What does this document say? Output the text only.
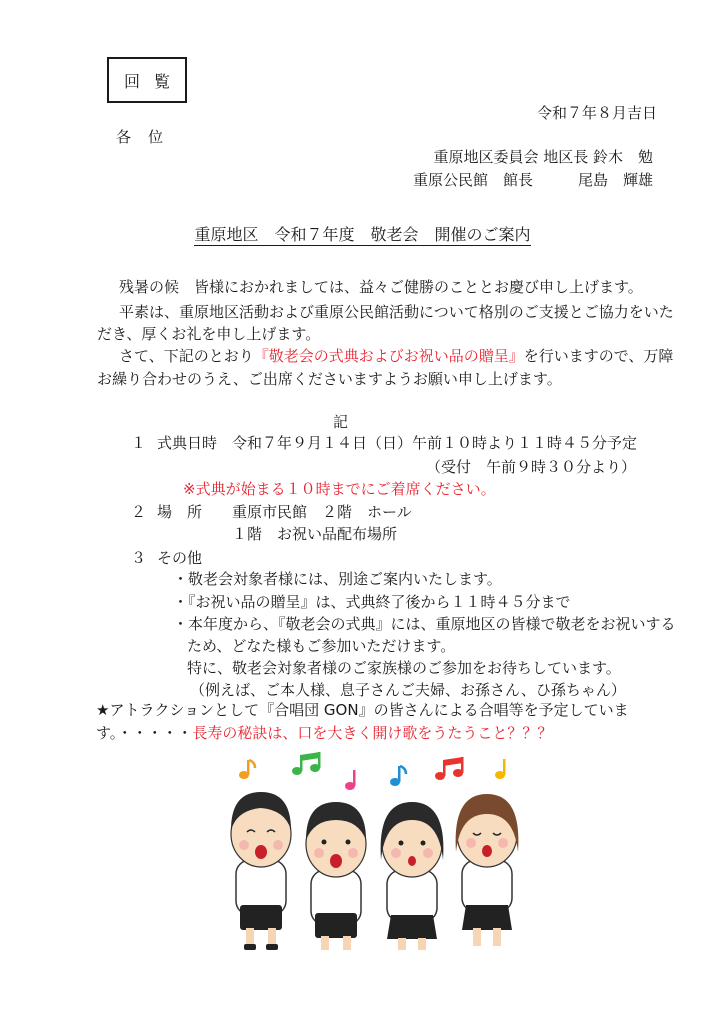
回覧
令和７年８月吉日
各　位
重原地区委員会 地区長 鈴木　勉
重原公民館　館長　　　尾島　輝雄
重原地区　令和７年度　敬老会　開催のご案内
残暑の候　皆様におかれましては、益々ご健勝のこととお慶び申し上げます。
平素は、重原地区活動および重原公民館活動について格別のご支援とご協力をいた
だき、厚くお礼を申し上げます。
さて、下記のとおり『敬老会の式典およびお祝い品の贈呈』を行いますので、万障
お繰り合わせのうえ、ご出席くださいますようお願い申し上げます。
記
１ 式典日時　令和７年９月１４日（日）午前１０時より１１時４５分予定
（受付　午前９時３０分より）
※式典が始まる１０時までにご着席ください。
２ 場　所　　重原市民館　２階　ホール
１階　お祝い品配布場所
３ その他
・敬老会対象者様には、別途ご案内いたします。
・『お祝い品の贈呈』は、式典終了後から１１時４５分まで
・本年度から、『敬老会の式典』には、重原地区の皆様で敬老をお祝いする
ため、どなた様もご参加いただけます。
特に、敬老会対象者様のご家族様のご参加をお待ちしています。
（例えば、ご本人様、息子さんご夫婦、お孫さん、ひ孫ちゃん）
★アトラクションとして『合唱団 GON』の皆さんによる合唱等を予定していま
す。・・・・・長寿の秘訣は、口を大きく開け歌をうたうこと？？？
